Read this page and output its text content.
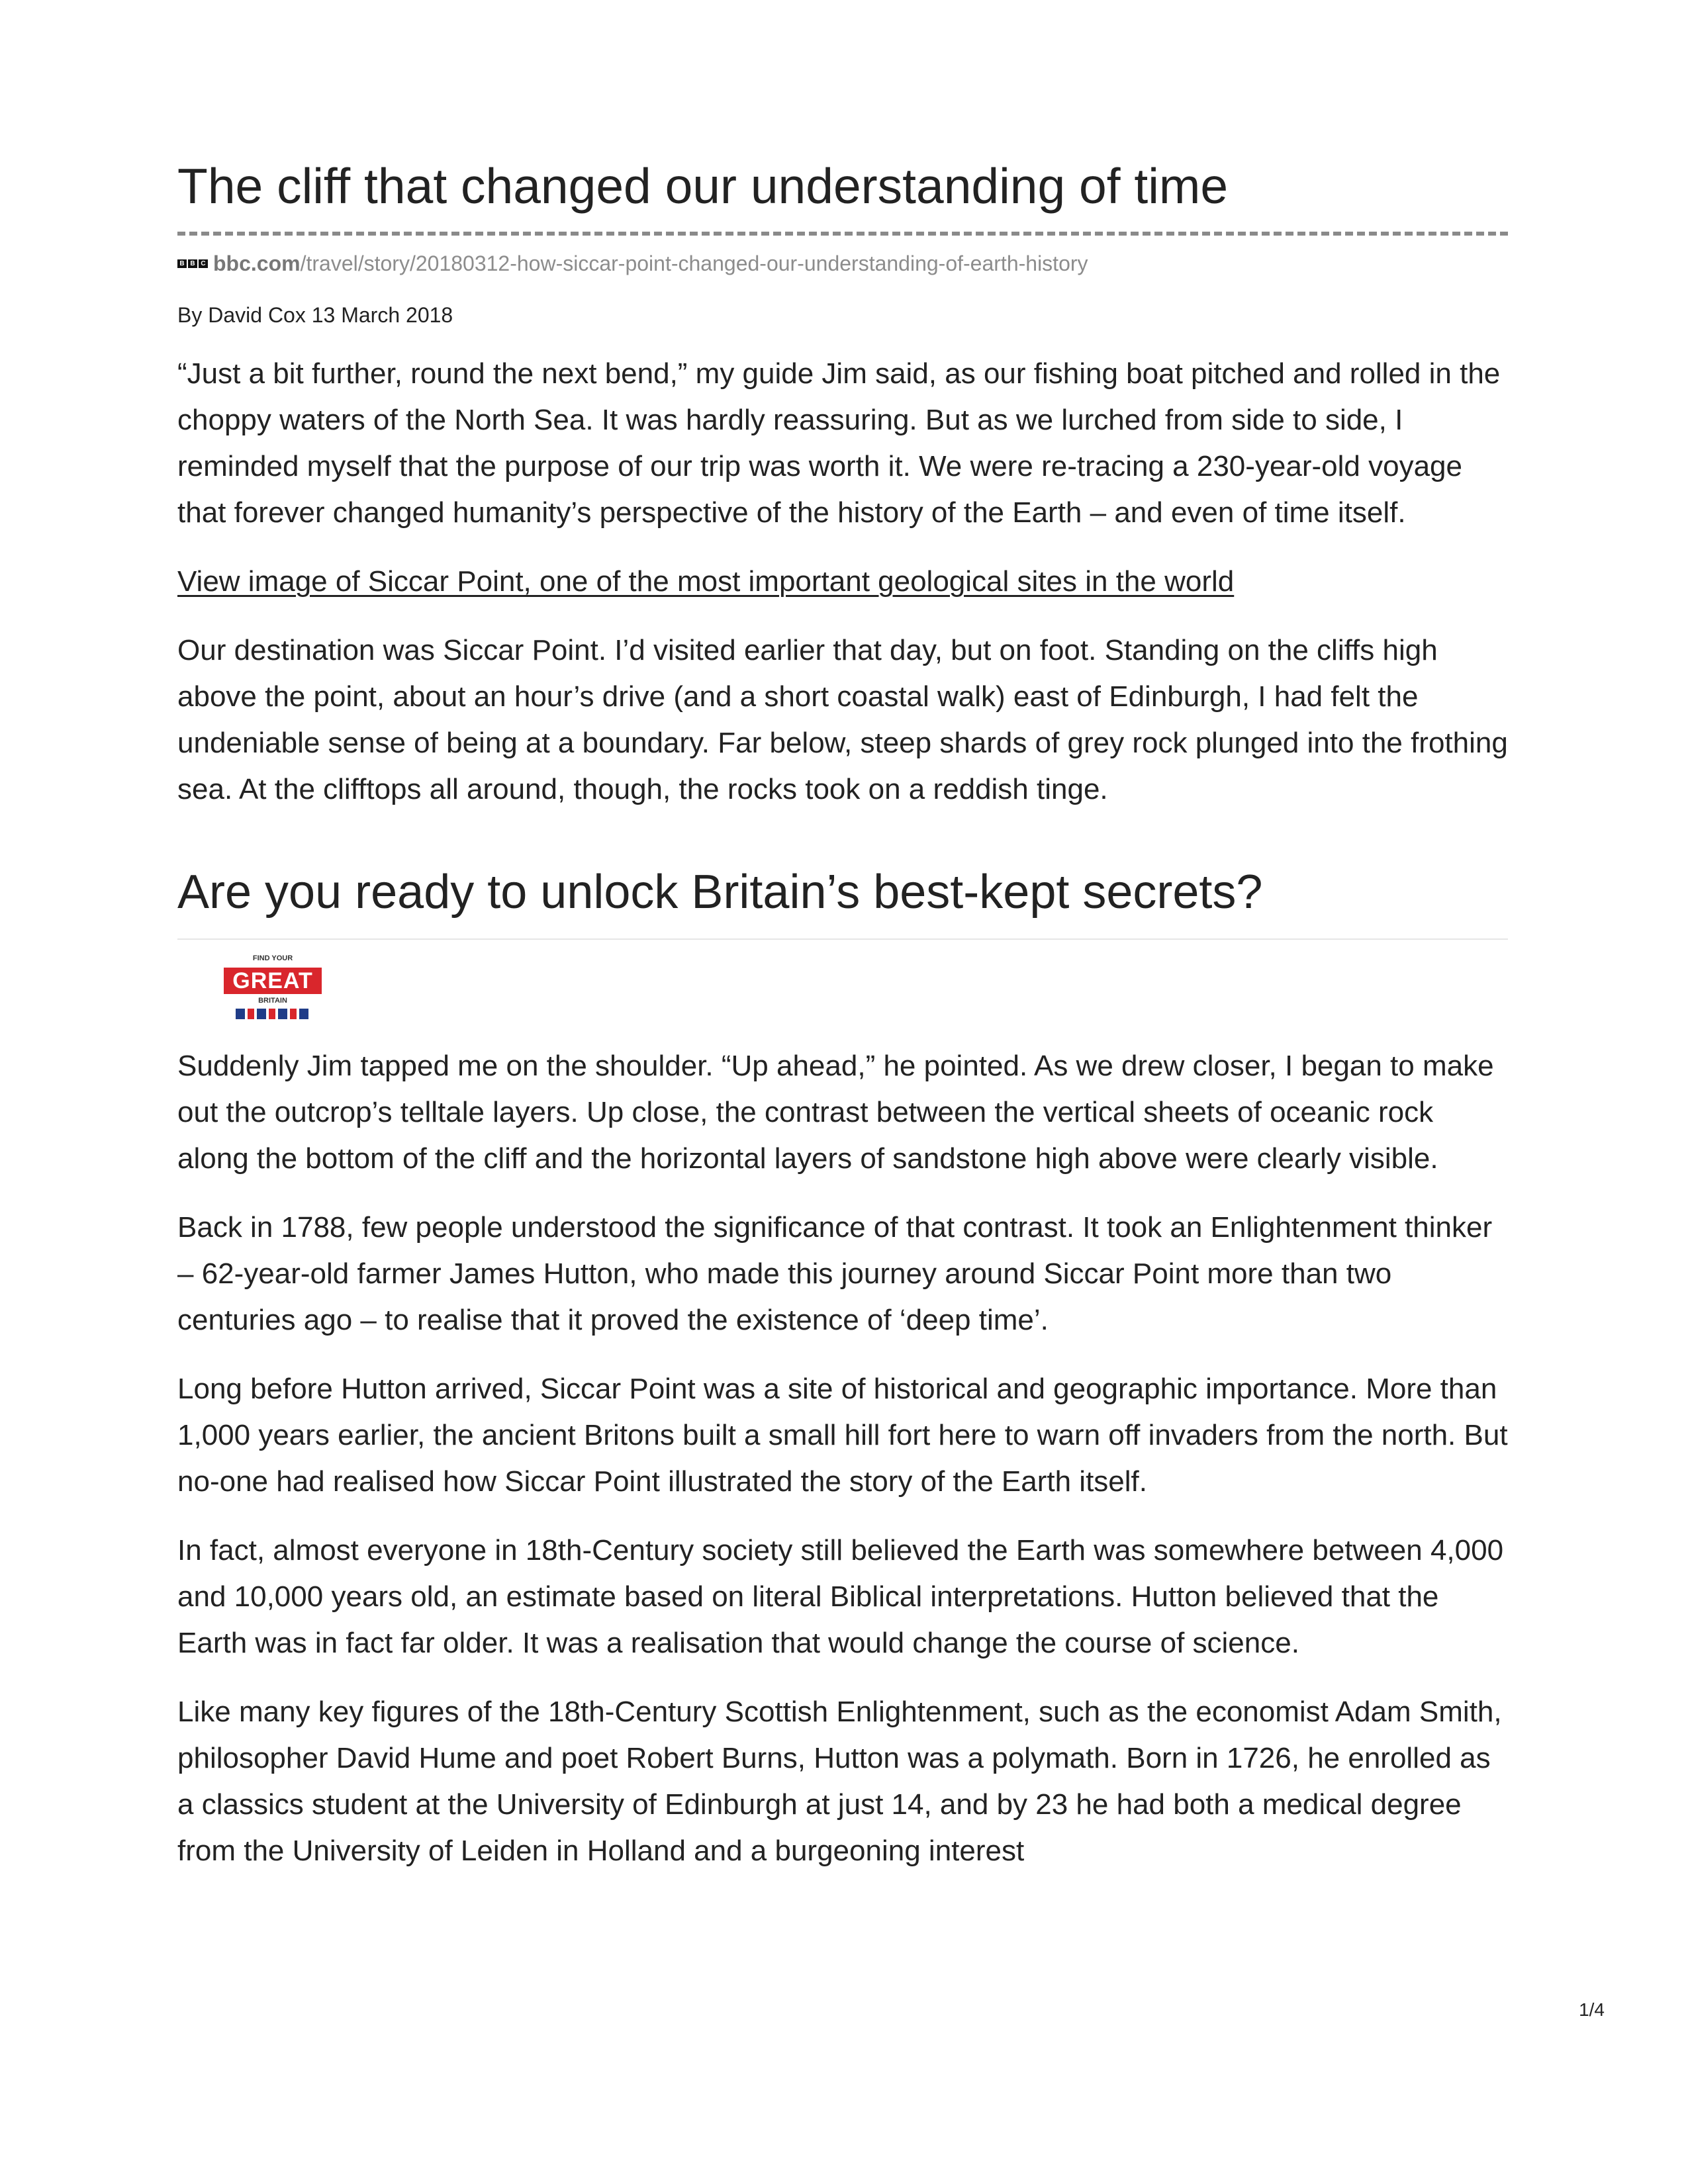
The cliff that changed our understanding of time
B B C bbc.com /travel/story/20180312-how-siccar-point-changed-our-understanding-of-earth-history
By David Cox 13 March 2018

“Just a bit further, round the next bend,” my guide Jim said, as our fishing boat pitched and rolled in the choppy waters of the North Sea. It was hardly reassuring. But as we lurched from side to side, I reminded myself that the purpose of our trip was worth it. We were re-tracing a 230-year-old voyage that forever changed humanity’s perspective of the history of the Earth – and even of time itself.

View image of Siccar Point, one of the most important geological sites in the world

Our destination was Siccar Point. I’d visited earlier that day, but on foot. Standing on the cliffs high above the point, about an hour’s drive (and a short coastal walk) east of Edinburgh, I had felt the undeniable sense of being at a boundary. Far below, steep shards of grey rock plunged into the frothing sea. At the clifftops all around, though, the rocks took on a reddish tinge.

Are you ready to unlock Britain’s best-kept secrets?
FIND YOUR
GREAT
BRITAIN

Suddenly Jim tapped me on the shoulder. “Up ahead,” he pointed. As we drew closer, I began to make out the outcrop’s telltale layers. Up close, the contrast between the vertical sheets of oceanic rock along the bottom of the cliff and the horizontal layers of sandstone high above were clearly visible.

Back in 1788, few people understood the significance of that contrast. It took an Enlightenment thinker – 62-year-old farmer James Hutton, who made this journey around Siccar Point more than two centuries ago – to realise that it proved the existence of ‘deep time’.

Long before Hutton arrived, Siccar Point was a site of historical and geographic importance. More than 1,000 years earlier, the ancient Britons built a small hill fort here to warn off invaders from the north. But no-one had realised how Siccar Point illustrated the story of the Earth itself.

In fact, almost everyone in 18th-Century society still believed the Earth was somewhere between 4,000 and 10,000 years old, an estimate based on literal Biblical interpretations. Hutton believed that the Earth was in fact far older. It was a realisation that would change the course of science.

Like many key figures of the 18th-Century Scottish Enlightenment, such as the economist Adam Smith, philosopher David Hume and poet Robert Burns, Hutton was a polymath. Born in 1726, he enrolled as a classics student at the University of Edinburgh at just 14, and by 23 he had both a medical degree from the University of Leiden in Holland and a burgeoning interest

1/4
